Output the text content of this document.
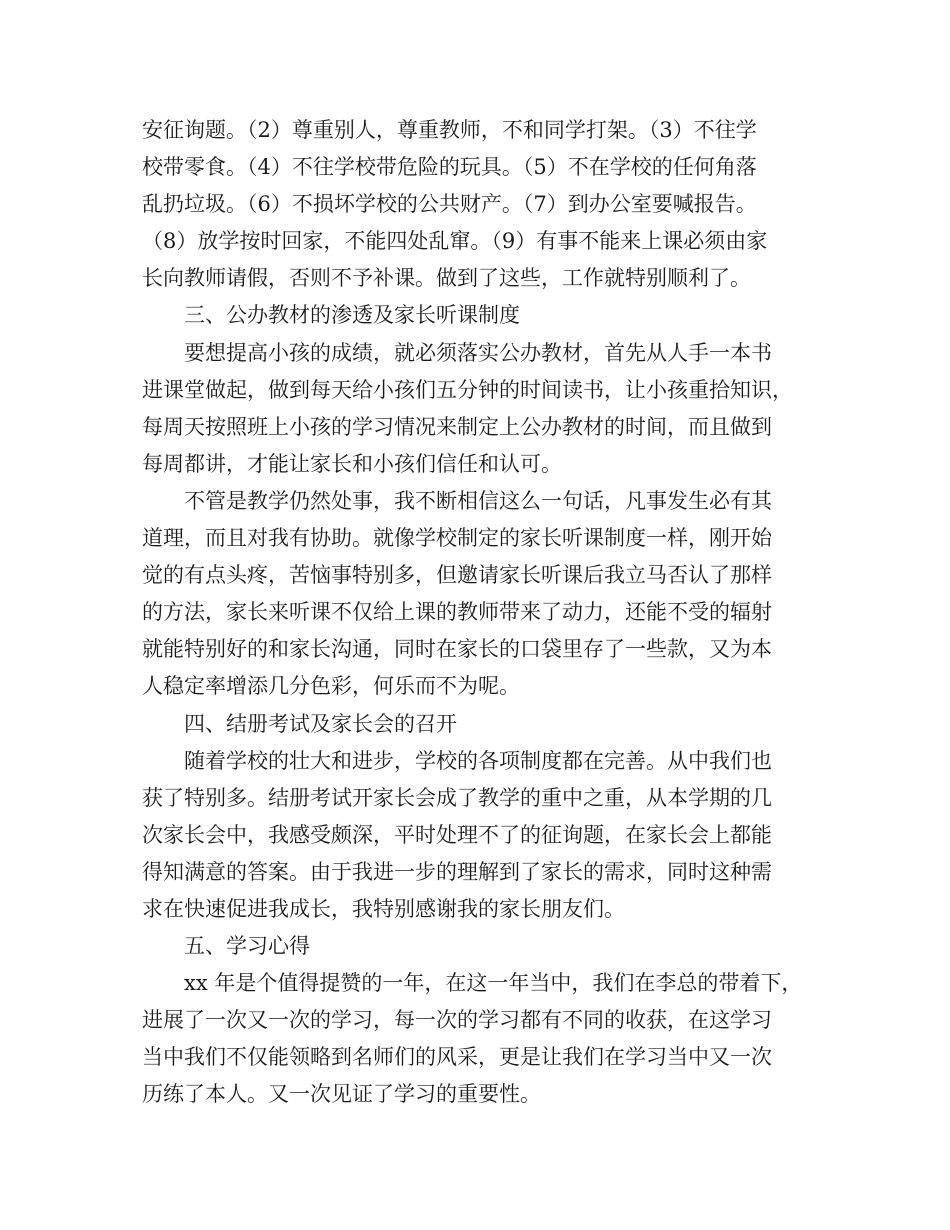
安征询题。（2）尊重别人，尊重教师，不和同学打架。（3）不往学
校带零食。（4）不往学校带危险的玩具。（5）不在学校的任何角落
乱扔垃圾。（6）不损坏学校的公共财产。（7）到办公室要喊报告。
（8）放学按时回家，不能四处乱窜。（9）有事不能来上课必须由家
长向教师请假，否则不予补课。做到了这些，工作就特别顺利了。
三、公办教材的渗透及家长听课制度
要想提高小孩的成绩，就必须落实公办教材，首先从人手一本书
进课堂做起，做到每天给小孩们五分钟的时间读书，让小孩重拾知识，
每周天按照班上小孩的学习情况来制定上公办教材的时间，而且做到
每周都讲，才能让家长和小孩们信任和认可。
不管是教学仍然处事，我不断相信这么一句话，凡事发生必有其
道理，而且对我有协助。就像学校制定的家长听课制度一样，刚开始
觉的有点头疼，苦恼事特别多，但邀请家长听课后我立马否认了那样
的方法，家长来听课不仅给上课的教师带来了动力，还能不受的辐射
就能特别好的和家长沟通，同时在家长的口袋里存了一些款，又为本
人稳定率增添几分色彩，何乐而不为呢。
四、结册考试及家长会的召开
随着学校的壮大和进步，学校的各项制度都在完善。从中我们也
获了特别多。结册考试开家长会成了教学的重中之重，从本学期的几
次家长会中，我感受颇深，平时处理不了的征询题，在家长会上都能
得知满意的答案。由于我进一步的理解到了家长的需求，同时这种需
求在快速促进我成长，我特别感谢我的家长朋友们。
五、学习心得
xx 年是个值得提赞的一年，在这一年当中，我们在李总的带着下，
进展了一次又一次的学习，每一次的学习都有不同的收获，在这学习
当中我们不仅能领略到名师们的风采，更是让我们在学习当中又一次
历练了本人。又一次见证了学习的重要性。
